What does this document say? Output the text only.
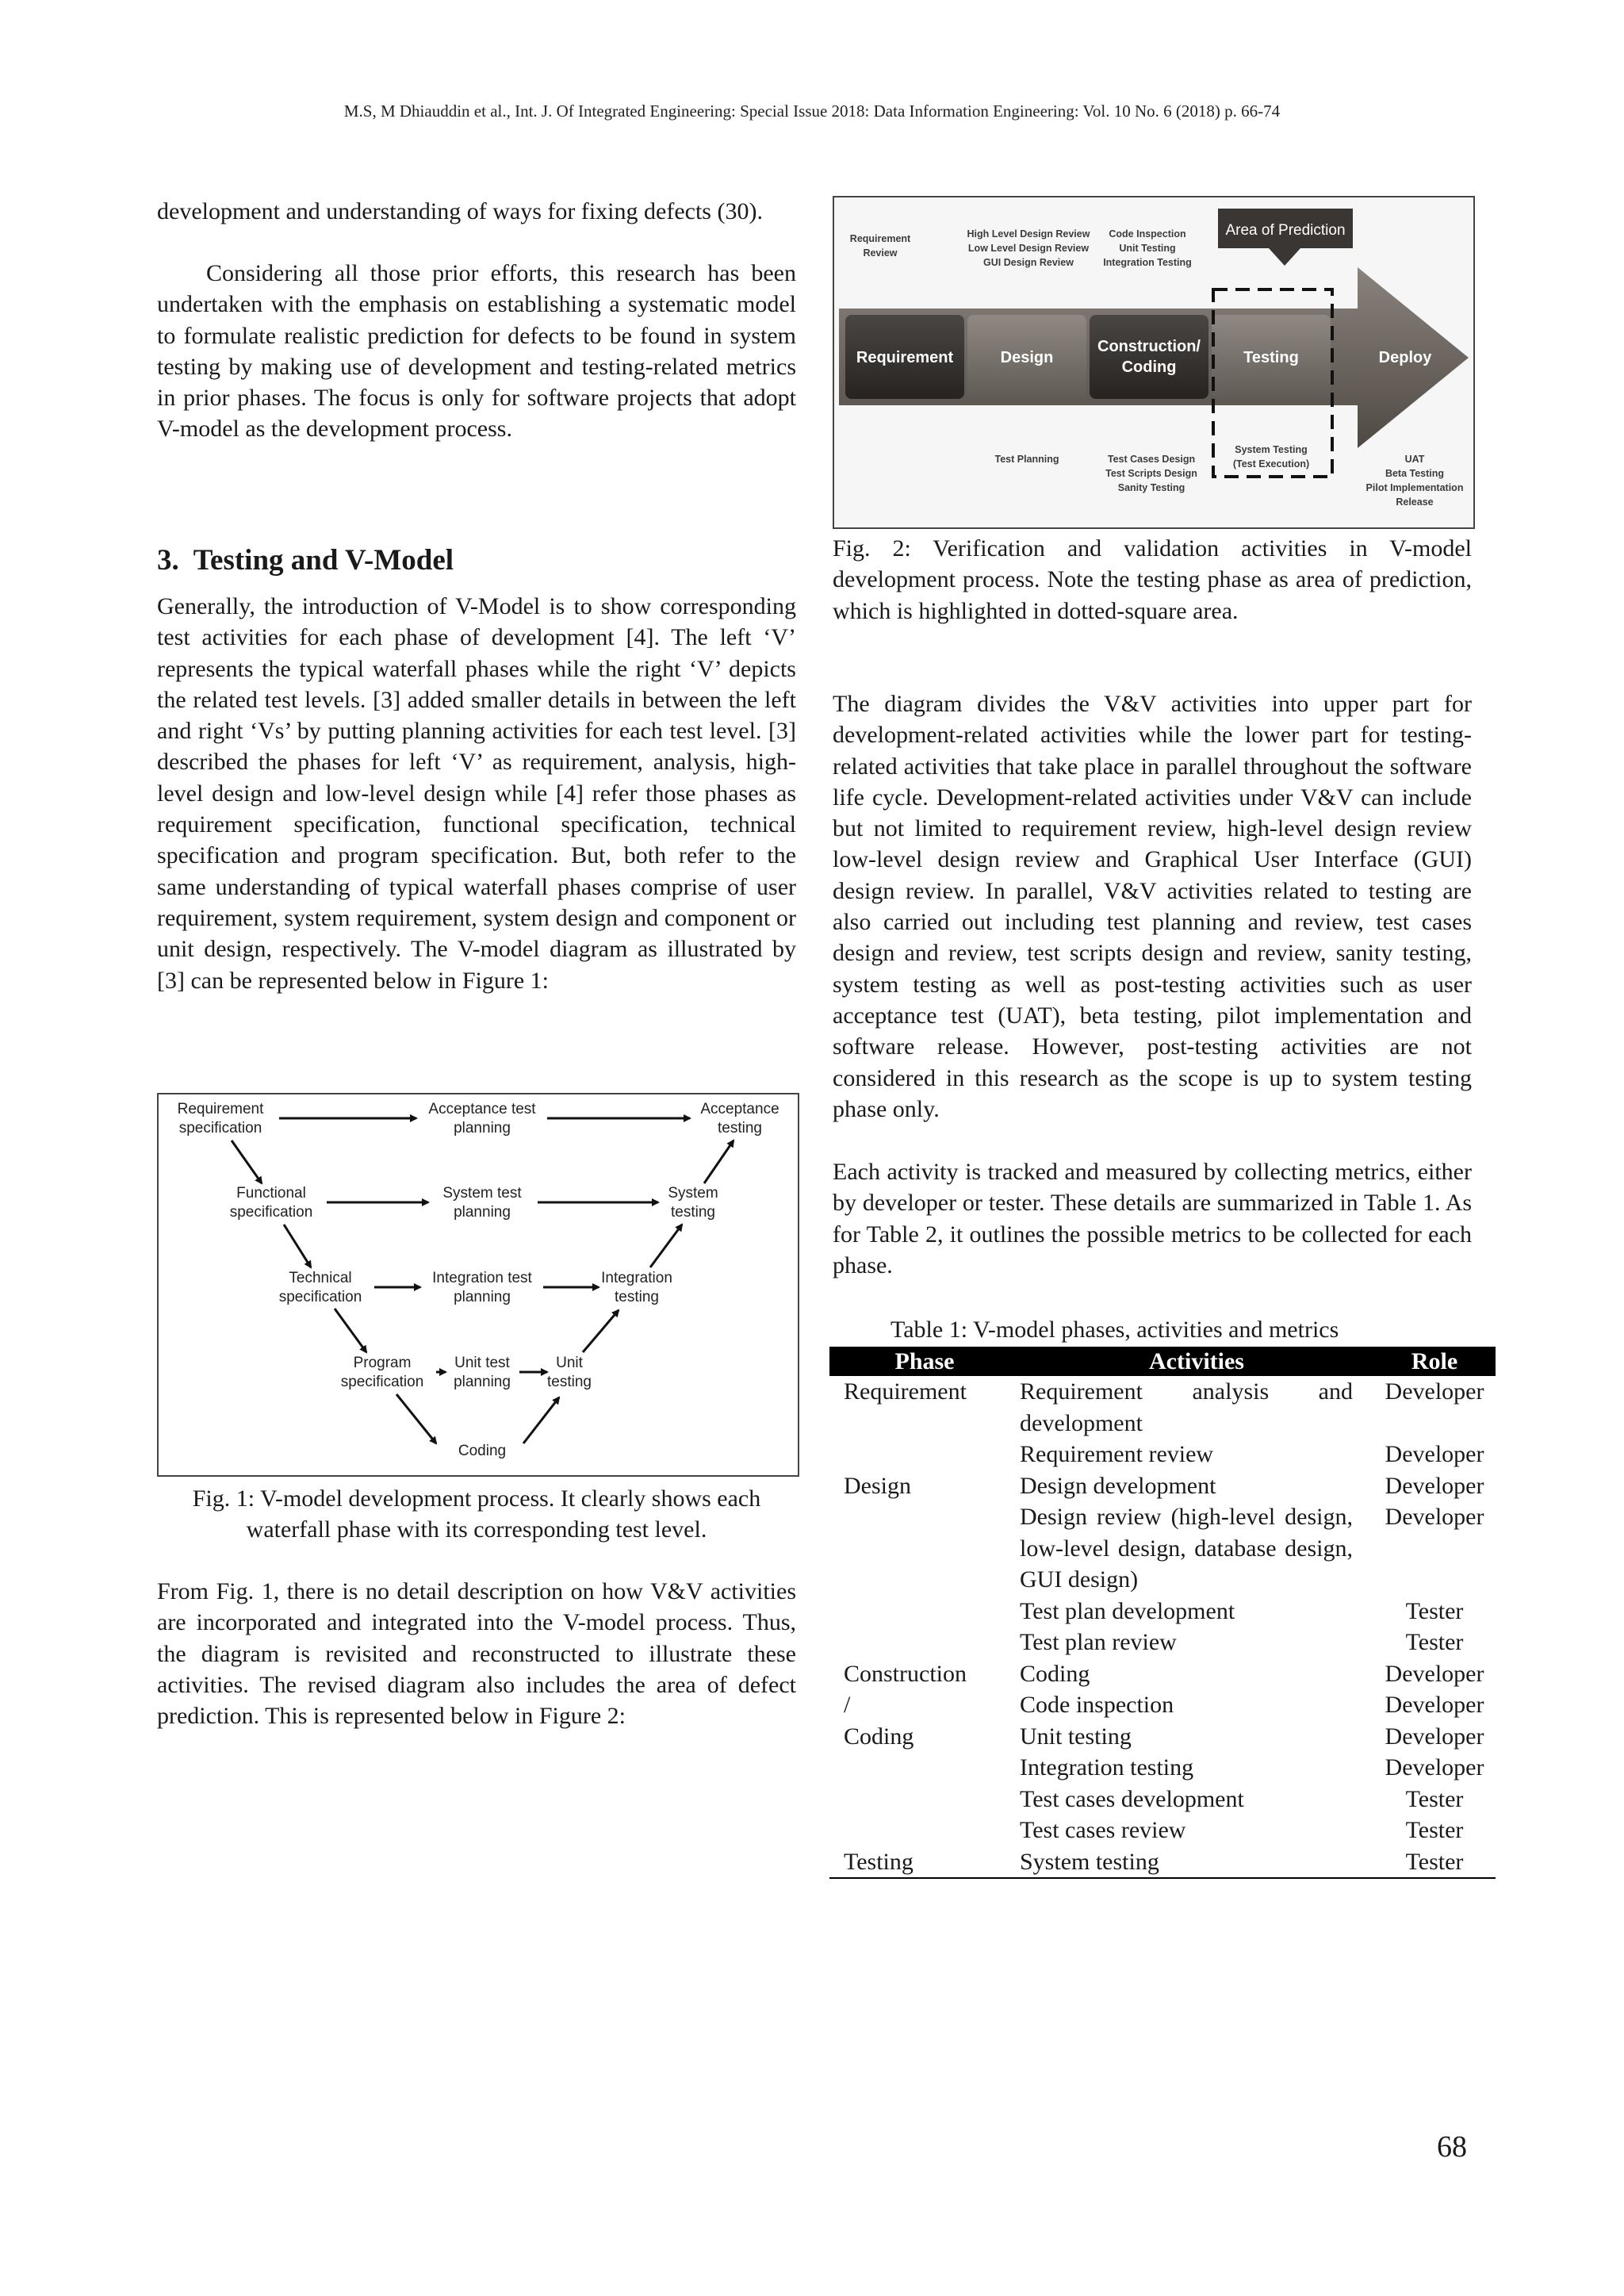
M.S, M Dhiauddin et al., Int. J. Of Integrated Engineering: Special Issue 2018: Data Information Engineering: Vol. 10 No. 6 (2018) p. 66-74

development and understanding of ways for fixing defects (30).

Considering all those prior efforts, this research has been undertaken with the emphasis on establishing a systematic model to formulate realistic prediction for defects to be found in system testing by making use of development and testing-related metrics in prior phases. The focus is only for software projects that adopt V-model as the development process.

3. Testing and V-Model

Generally, the introduction of V-Model is to show corresponding test activities for each phase of development [4]. The left ‘V’ represents the typical waterfall phases while the right ‘V’ depicts the related test levels. [3] added smaller details in between the left and right ‘Vs’ by putting planning activities for each test level. [3] described the phases for left ‘V’ as requirement, analysis, high-level design and low-level design while [4] refer those phases as requirement specification, functional specification, technical specification and program specification. But, both refer to the same understanding of typical waterfall phases comprise of user requirement, system requirement, system design and component or unit design, respectively. The V-model diagram as illustrated by [3] can be represented below in Figure 1:

Requirement specification
Acceptance test planning
Acceptance testing
Functional specification
System test planning
System testing
Technical specification
Integration test planning
Integration testing
Program specification
Unit test planning
Unit testing
Coding

Fig. 1: V-model development process. It clearly shows each waterfall phase with its corresponding test level.

From Fig. 1, there is no detail description on how V&V activities are incorporated and integrated into the V-model process. Thus, the diagram is revisited and reconstructed to illustrate these activities. The revised diagram also includes the area of defect prediction. This is represented below in Figure 2:

Area of Prediction
Requirement	Design
Construction/
Coding
Testing	Deploy
Requirement Review
High Level Design Review Low Level Design Review GUI Design Review
Code Inspection Unit Testing Integration Testing
Test Planning	Test Cases Design Test Scripts Design Sanity Testing
System Testing (Test Execution)	UAT Beta Testing Pilot Implementation Release

Fig. 2: Verification and validation activities in V-model development process. Note the testing phase as area of prediction, which is highlighted in dotted-square area.

The diagram divides the V&V activities into upper part for development-related activities while the lower part for testing-related activities that take place in parallel throughout the software life cycle. Development-related activities under V&V can include but not limited to requirement review, high-level design review low-level design review and Graphical User Interface (GUI) design review. In parallel, V&V activities related to testing are also carried out including test planning and review, test cases design and review, test scripts design and review, sanity testing, system testing as well as post-testing activities such as user acceptance test (UAT), beta testing, pilot implementation and software release. However, post-testing activities are not considered in this research as the scope is up to system testing phase only.

Each activity is tracked and measured by collecting metrics, either by developer or tester. These details are summarized in Table 1. As for Table 2, it outlines the possible metrics to be collected for each phase.

Table 1: V-model phases, activities and metrics
Phase	Activities	Role
Requirement	Requirement analysis and development	Developer
	Requirement review	Developer
Design	Design development	Developer
	Design review (high-level design, low-level design, database design, GUI design)	Developer
	Test plan development	Tester
	Test plan review	Tester
Construction	Coding	Developer
/	Code inspection	Developer
Coding	Unit testing	Developer
	Integration testing	Developer
	Test cases development	Tester
	Test cases review	Tester
Testing	System testing	Tester
68
